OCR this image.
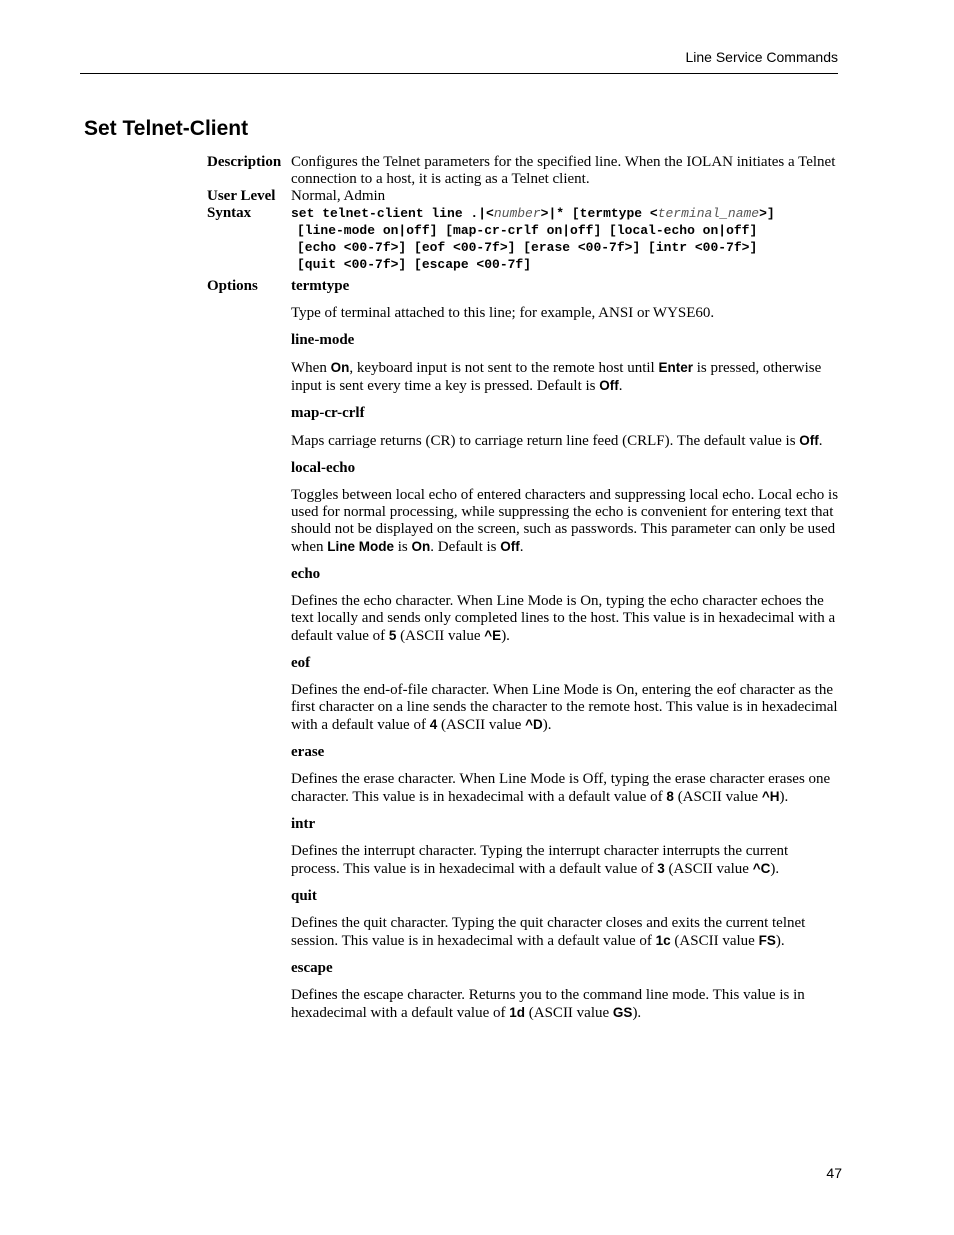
Line Service Commands
Set Telnet-Client
Description Configures the Telnet parameters for the specified line. When the IOLAN initiates a Telnet connection to a host, it is acting as a Telnet client.
User Level	Normal, Admin
Syntax	set telnet-client line .|<number>|* [termtype <terminal_name>]
[line-mode on|off] [map-cr-crlf on|off] [local-echo on|off]
[echo <00-7f>] [eof <00-7f>] [erase <00-7f>] [intr <00-7f>]
[quit <00-7f>] [escape <00-7f]
Options	termtype

Type of terminal attached to this line; for example, ANSI or WYSE60.

line-mode

When On, keyboard input is not sent to the remote host until Enter is pressed, otherwise input is sent every time a key is pressed. Default is Off.

map-cr-crlf

Maps carriage returns (CR) to carriage return line feed (CRLF). The default value is Off.

local-echo

Toggles between local echo of entered characters and suppressing local echo. Local echo is used for normal processing, while suppressing the echo is convenient for entering text that should not be displayed on the screen, such as passwords. This parameter can only be used when Line Mode is On. Default is Off.

echo

Defines the echo character. When Line Mode is On, typing the echo character echoes the text locally and sends only completed lines to the host. This value is in hexadecimal with a default value of 5 (ASCII value ^E).

eof

Defines the end-of-file character. When Line Mode is On, entering the eof character as the first character on a line sends the character to the remote host. This value is in hexadecimal with a default value of 4 (ASCII value ^D).

erase

Defines the erase character. When Line Mode is Off, typing the erase character erases one character. This value is in hexadecimal with a default value of 8 (ASCII value ^H).

intr

Defines the interrupt character. Typing the interrupt character interrupts the current process. This value is in hexadecimal with a default value of 3 (ASCII value ^C).

quit

Defines the quit character. Typing the quit character closes and exits the current telnet session. This value is in hexadecimal with a default value of 1c (ASCII value FS).

escape

Defines the escape character. Returns you to the command line mode. This value is in hexadecimal with a default value of 1d (ASCII value GS).

47
